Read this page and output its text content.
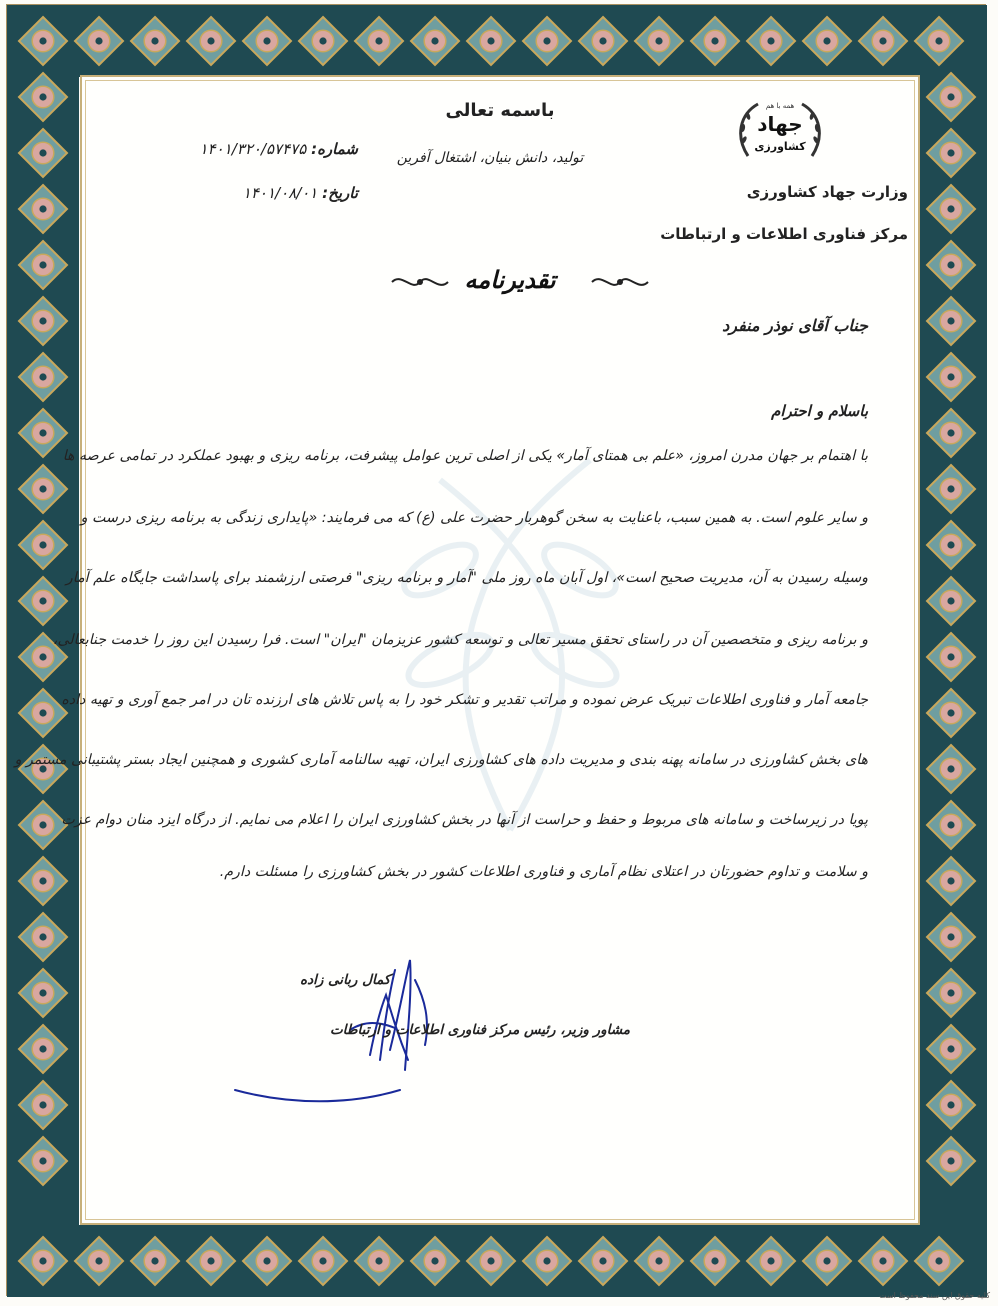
باسمه تعالی
تولید، دانش بنیان، اشتغال آفرین
شماره: ۱۴۰۱/۳۲۰/۵۷۴۷۵
تاریخ: ۱۴۰۱/۰۸/۰۱
همه با هم
جهاد
کشاورزی
وزارت جهاد کشاورزی
مرکز فناوری اطلاعات و ارتباطات
تقدیرنامه
جناب آقای نوذر منفرد
باسلام و احترام
با اهتمام بر جهان مدرن امروز، «علم بی همتای آمار» یکی از اصلی ترین عوامل پیشرفت، برنامه ریزی و بهبود عملکرد در تمامی عرصه ها
و سایر علوم است. به همین سبب، باعنایت به سخن گوهربار حضرت علی (ع) که می فرمایند: «پایداری زندگی به برنامه ریزی درست و
وسیله رسیدن به آن، مدیریت صحیح است»، اول آبان ماه روز ملی "آمار و برنامه ریزی" فرصتی ارزشمند برای پاسداشت جایگاه علم آمار
و برنامه ریزی و متخصصین آن در راستای تحقق مسیر تعالی و توسعه کشور عزیزمان "ایران" است. فرا رسیدن این روز را خدمت جنابعالی،
جامعه آمار و فناوری اطلاعات تبریک عرض نموده و مراتب تقدیر و تشکر خود را به پاس تلاش های ارزنده تان در امر جمع آوری و تهیه داده
های بخش کشاورزی در سامانه پهنه بندی و مدیریت داده های کشاورزی ایران، تهیه سالنامه آماری کشوری و همچنین ایجاد بستر پشتیبانی مستمر و
پویا در زیرساخت و سامانه های مربوط و حفظ و حراست از آنها در بخش کشاورزی ایران را اعلام می نمایم. از درگاه ایزد منان دوام عزت
و سلامت و تداوم حضورتان در اعتلای نظام آماری و فناوری اطلاعات کشور در بخش کشاورزی را مسئلت دارم.
کمال ربانی زاده
مشاور وزیر، رئیس مرکز فناوری اطلاعات و ارتباطات
کلیه حقوق این سند محفوظ است
